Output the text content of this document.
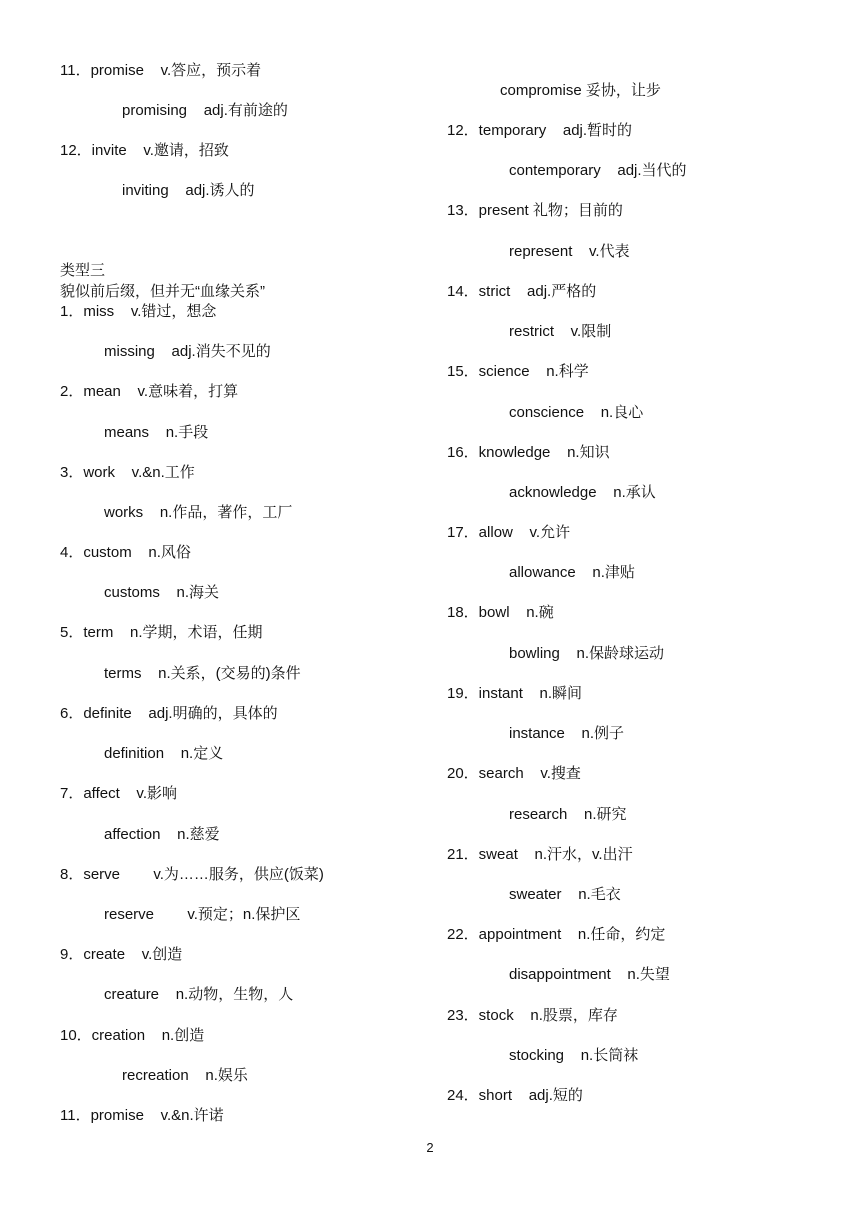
11．promise    v.答应，预示着
promising    adj.有前途的
12．invite    v.邀请，招致
inviting    adj.诱人的
类型三
貌似前后缀，但并无“血缘关系”
1．miss    v.错过，想念
missing    adj.消失不见的
2．mean    v.意味着，打算
means    n.手段
3．work    v.&n.工作
works    n.作品，著作，工厂
4．custom    n.风俗
customs    n.海关
5．term    n.学期，术语，任期
terms    n.关系，(交易的)条件
6．definite    adj.明确的，具体的
definition    n.定义
7．affect    v.影响
affection    n.慈爱
8．serve        v.为……服务，供应(饭菜)
reserve        v.预定；n.保护区
9．create    v.创造
creature    n.动物，生物，人
10．creation    n.创造
recreation    n.娱乐
11．promise    v.&n.许诺
compromise 妥协，让步
12．temporary    adj.暂时的
contemporary    adj.当代的
13．present 礼物；目前的
represent    v.代表
14．strict    adj.严格的
restrict    v.限制
15．science    n.科学
conscience    n.良心
16．knowledge    n.知识
acknowledge    n.承认
17．allow    v.允许
allowance    n.津贴
18．bowl    n.碗
bowling    n.保龄球运动
19．instant    n.瞬间
instance    n.例子
20．search    v.搜查
research    n.研究
21．sweat    n.汗水，v.出汗
sweater    n.毛衣
22．appointment    n.任命，约定
disappointment    n.失望
23．stock    n.股票，库存
stocking    n.长筒袜
24．short    adj.短的
2
